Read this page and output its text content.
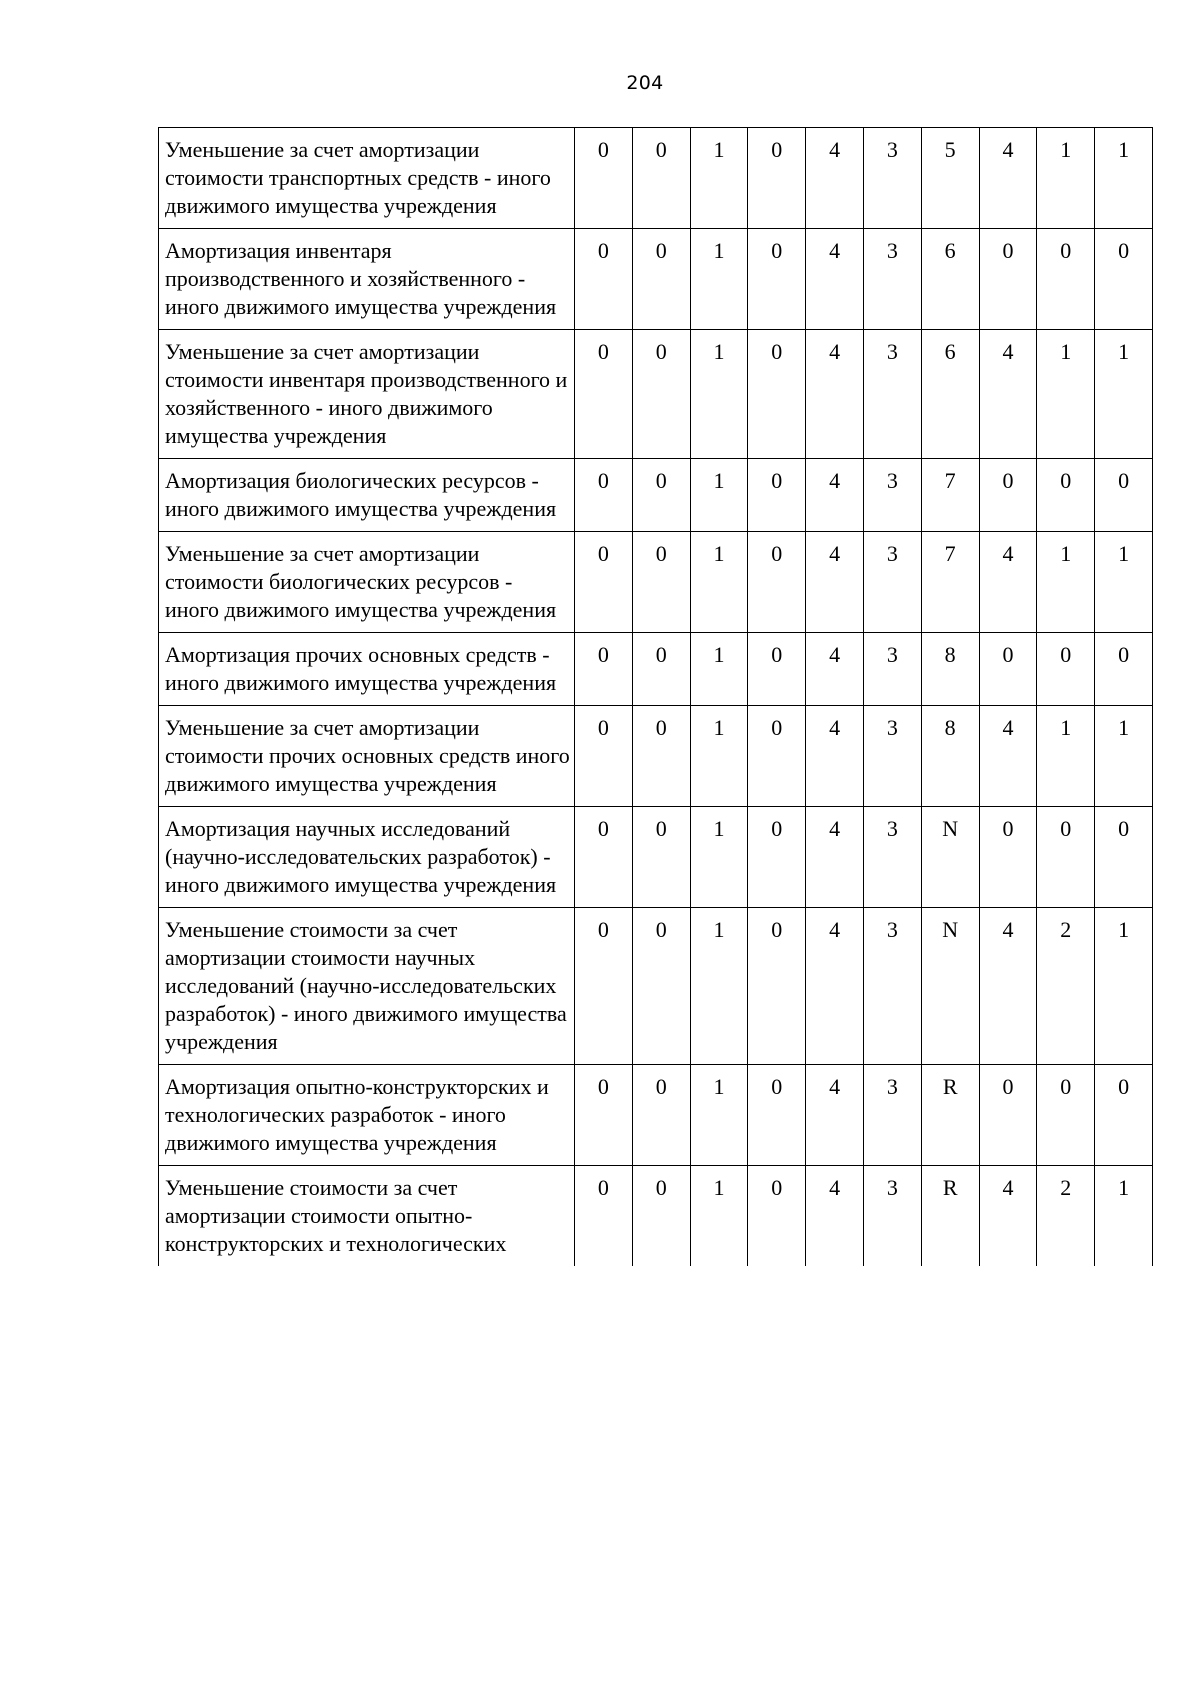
204
Уменьшение за счет амортизации стоимости транспортных средств - иного движимого имущества учреждения	0	0	1	0	4	3	5	4	1	1
Амортизация инвентаря производственного и хозяйственного - иного движимого имущества учреждения	0	0	1	0	4	3	6	0	0	0
Уменьшение за счет амортизации стоимости инвентаря производственного и хозяйственного - иного движимого имущества учреждения	0	0	1	0	4	3	6	4	1	1
Амортизация биологических ресурсов - иного движимого имущества учреждения	0	0	1	0	4	3	7	0	0	0
Уменьшение за счет амортизации стоимости биологических ресурсов - иного движимого имущества учреждения	0	0	1	0	4	3	7	4	1	1
Амортизация прочих основных средств - иного движимого имущества учреждения	0	0	1	0	4	3	8	0	0	0
Уменьшение за счет амортизации стоимости прочих основных средств иного движимого имущества учреждения	0	0	1	0	4	3	8	4	1	1
Амортизация научных исследований (научно-исследовательских разработок) - иного движимого имущества учреждения	0	0	1	0	4	3	N	0	0	0
Уменьшение стоимости за счет амортизации стоимости научных исследований (научно-исследовательских разработок) - иного движимого имущества учреждения	0	0	1	0	4	3	N	4	2	1
Амортизация опытно-конструкторских и технологических разработок - иного движимого имущества учреждения	0	0	1	0	4	3	R	0	0	0
Уменьшение стоимости за счет амортизации стоимости опытно-конструкторских и технологических	0	0	1	0	4	3	R	4	2	1
